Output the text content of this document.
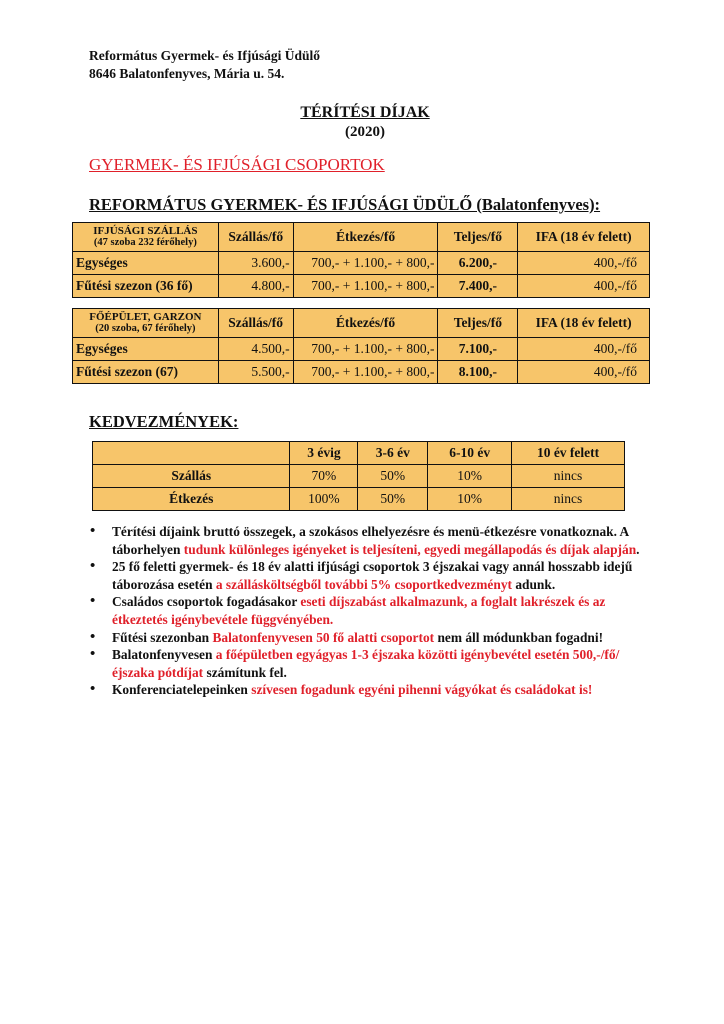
Református Gyermek- és Ifjúsági Üdülő
8646 Balatonfenyves, Mária u. 54.
TÉRÍTÉSI DÍJAK
(2020)
GYERMEK- ÉS IFJÚSÁGI CSOPORTOK
REFORMÁTUS GYERMEK- ÉS IFJÚSÁGI ÜDÜLŐ (Balatonfenyves):
IFJÚSÁGI SZÁLLÁS
(47 szoba 232 férőhely)	Szállás/fő	Étkezés/fő	Teljes/fő	IFA (18 év felett)
Egységes	3.600,-	700,- + 1.100,- + 800,-	6.200,-	400,-/fő
Fűtési szezon (36 fő)	4.800,-	700,- + 1.100,- + 800,-	7.400,-	400,-/fő
FŐÉPÜLET, GARZON
(20 szoba, 67 férőhely)	Szállás/fő	Étkezés/fő	Teljes/fő	IFA (18 év felett)
Egységes	4.500,-	700,- + 1.100,- + 800,-	7.100,-	400,-/fő
Fűtési szezon (67)	5.500,-	700,- + 1.100,- + 800,-	8.100,-	400,-/fő
KEDVEZMÉNYEK:
	3 évig	3-6 év	6-10 év	10 év felett
Szállás	70%	50%	10%	nincs
Étkezés	100%	50%	10%	nincs
• Térítési díjaink bruttó összegek, a szokásos elhelyezésre és menü-étkezésre vonatkoznak. A táborhelyen tudunk különleges igényeket is teljesíteni, egyedi megállapodás és díjak alapján.
• 25 fő feletti gyermek- és 18 év alatti ifjúsági csoportok 3 éjszakai vagy annál hosszabb idejű táborozása esetén a szállásköltségből további 5% csoportkedvezményt adunk.
• Családos csoportok fogadásakor eseti díjszabást alkalmazunk, a foglalt lakrészek és az étkeztetés igénybevétele függvényében.
• Fűtési szezonban Balatonfenyvesen 50 fő alatti csoportot nem áll módunkban fogadni!
• Balatonfenyvesen a főépületben egyágyas 1-3 éjszaka közötti igénybevétel esetén 500,-/fő/éjszaka pótdíjat számítunk fel.
• Konferenciatelepeinken szívesen fogadunk egyéni pihenni vágyókat és családokat is!
